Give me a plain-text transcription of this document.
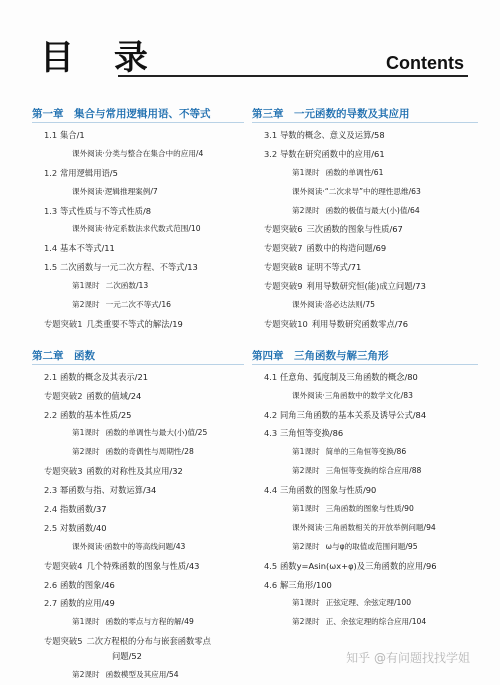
目 录	Contents
第一章　集合与常用逻辑用语、不等式
1.1 集合/1
课外阅读·分类与整合在集合中的应用/4
1.2 常用逻辑用语/5
课外阅读·逻辑推理案例/7
1.3 等式性质与不等式性质/8
课外阅读·待定系数法求代数式范围/10
1.4 基本不等式/11
1.5 二次函数与一元二次方程、不等式/13
第1课时 二次函数/13
第2课时 一元二次不等式/16
专题突破1 几类重要不等式的解法/19
第二章　函数
2.1 函数的概念及其表示/21
专题突破2 函数的值域/24
2.2 函数的基本性质/25
第1课时 函数的单调性与最大(小)值/25
第2课时 函数的奇偶性与周期性/28
专题突破3 函数的对称性及其应用/32
2.3 幂函数与指、对数运算/34
2.4 指数函数/37
2.5 对数函数/40
课外阅读·函数中的等高线问题/43
专题突破4 几个特殊函数的图象与性质/43
2.6 函数的图象/46
2.7 函数的应用/49
第1课时 函数的零点与方程的解/49
专题突破5 二次方程根的分布与嵌套函数零点
问题/52
第2课时 函数模型及其应用/54
第三章　一元函数的导数及其应用
3.1 导数的概念、意义及运算/58
3.2 导数在研究函数中的应用/61
第1课时 函数的单调性/61
课外阅读·“二次求导”中的理性思维/63
第2课时 函数的极值与最大(小)值/64
专题突破6 三次函数的图象与性质/67
专题突破7 函数中的构造问题/69
专题突破8 证明不等式/71
专题突破9 利用导数研究恒(能)成立问题/73
课外阅读·洛必达法则/75
专题突破10 利用导数研究函数零点/76
第四章　三角函数与解三角形
4.1 任意角、弧度制及三角函数的概念/80
课外阅读·三角函数中的数学文化/83
4.2 同角三角函数的基本关系及诱导公式/84
4.3 三角恒等变换/86
第1课时 简单的三角恒等变换/86
第2课时 三角恒等变换的综合应用/88
4.4 三角函数的图象与性质/90
第1课时 三角函数的图象与性质/90
课外阅读·三角函数相关的开放举例问题/94
第2课时 ω与φ的取值或范围问题/95
4.5 函数y=Asin(ωx+φ)及三角函数的应用/96
4.6 解三角形/100
第1课时 正弦定理、余弦定理/100
第2课时 正、余弦定理的综合应用/104
知乎 @有问题找找学姐
